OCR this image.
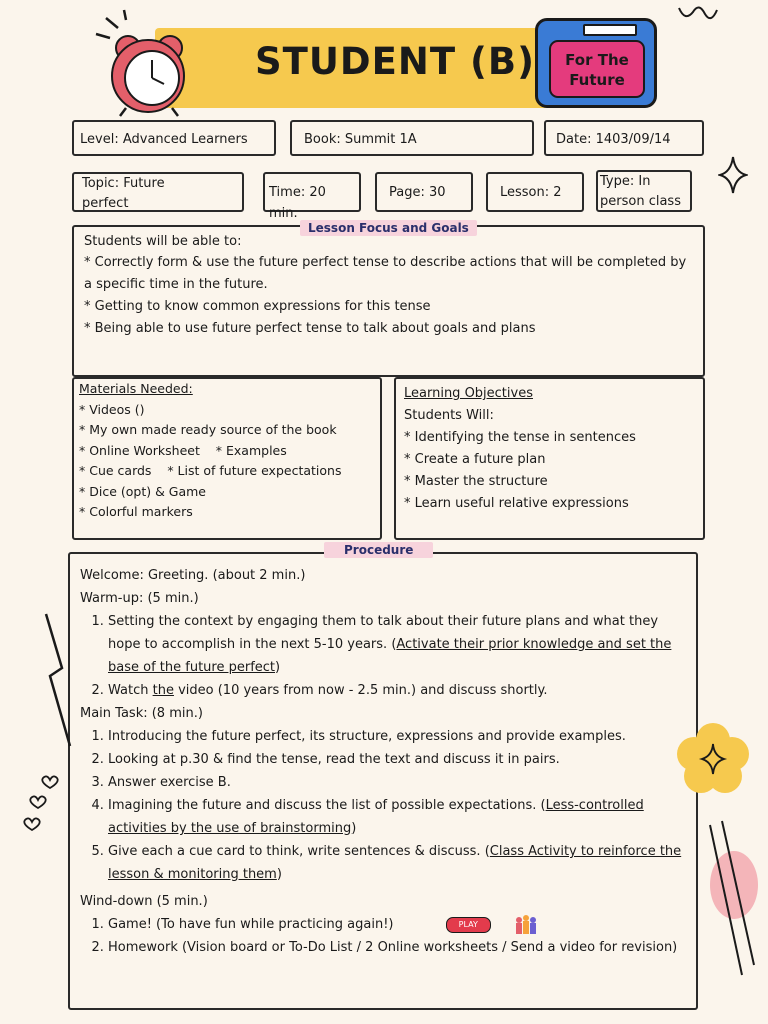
STUDENT (B)	For The Future
Level: Advanced Learners	Book: Summit 1A	Date: 1403/09/14
Topic: Future perfect
Time: 20 min.
Page: 30	Lesson: 2
Type: In person class
Students will be able to:
* Correctly form & use the future perfect tense to describe actions that will be completed by a specific time in the future.
* Getting to know common expressions for this tense
* Being able to use future perfect tense to talk about goals and plans
Lesson Focus and Goals
Materials Needed:
* Videos ()
* My own made ready source of the book
* Online Worksheet    * Examples
* Cue cards    * List of future expectations
* Dice (opt) & Game
* Colorful markers
Learning Objectives
Students Will:
* Identifying the tense in sentences
* Create a future plan
* Master the structure
* Learn useful relative expressions
Welcome: Greeting. (about 2 min.)
Warm-up: (5 min.)
1. Setting the context by engaging them to talk about their future plans and what they hope to accomplish in the next 5-10 years. (Activate their prior knowledge and set the base of the future perfect)
2. Watch the video (10 years from now - 2.5 min.) and discuss shortly.
Main Task: (8 min.)
1. Introducing the future perfect, its structure, expressions and provide examples.
2. Looking at p.30 & find the tense, read the text and discuss it in pairs.
3. Answer exercise B.
4. Imagining the future and discuss the list of possible expectations. (Less-controlled activities by the use of brainstorming)
5. Give each a cue card to think, write sentences & discuss. (Class Activity to reinforce the lesson & monitoring them)
Wind-down (5 min.)
1. Game! (To have fun while practicing again!)	PLAY
2. Homework (Vision board or To-Do List / 2 Online worksheets / Send a video for revision)
Procedure
